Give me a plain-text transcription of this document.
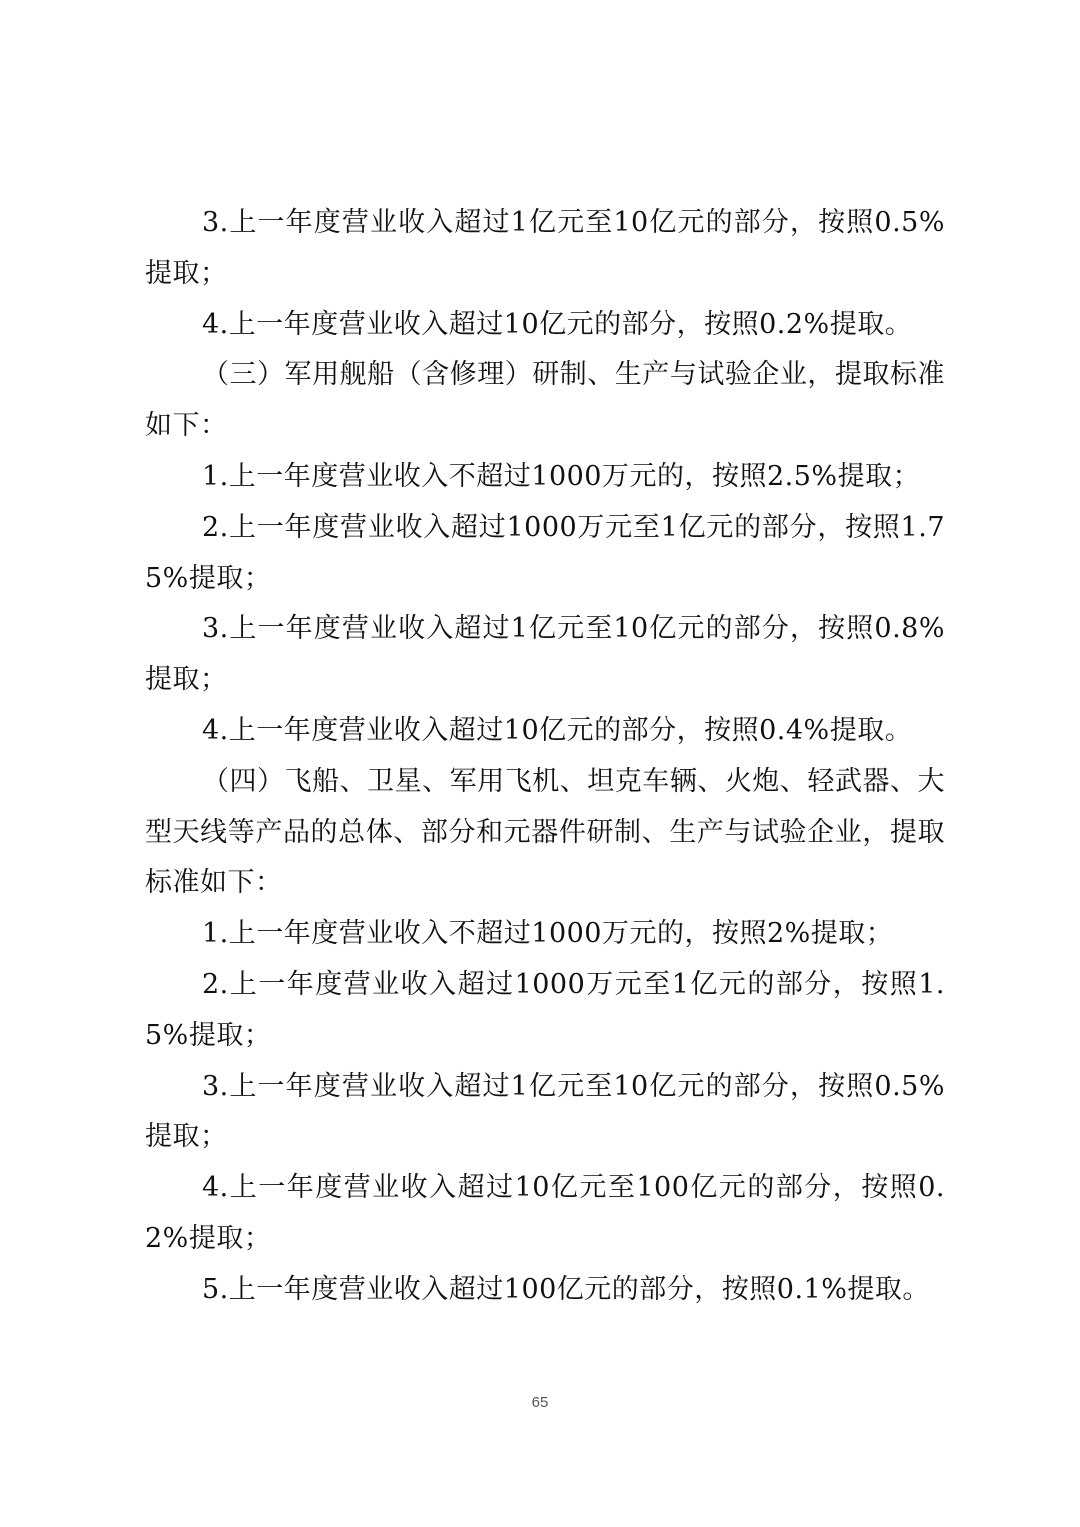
3.上一年度营业收入超过1亿元至10亿元的部分，按照0.5%提取；

4.上一年度营业收入超过10亿元的部分，按照0.2%提取。

（三）军用舰船（含修理）研制、生产与试验企业，提取标准如下：

1.上一年度营业收入不超过1000万元的，按照2.5%提取；

2.上一年度营业收入超过1000万元至1亿元的部分，按照1.75%提取；

3.上一年度营业收入超过1亿元至10亿元的部分，按照0.8%提取；

4.上一年度营业收入超过10亿元的部分，按照0.4%提取。

（四）飞船、卫星、军用飞机、坦克车辆、火炮、轻武器、大型天线等产品的总体、部分和元器件研制、生产与试验企业，提取标准如下：

1.上一年度营业收入不超过1000万元的，按照2%提取；

2.上一年度营业收入超过1000万元至1亿元的部分，按照1.5%提取；

3.上一年度营业收入超过1亿元至10亿元的部分，按照0.5%提取；

4.上一年度营业收入超过10亿元至100亿元的部分，按照0.2%提取；

5.上一年度营业收入超过100亿元的部分，按照0.1%提取。

65
